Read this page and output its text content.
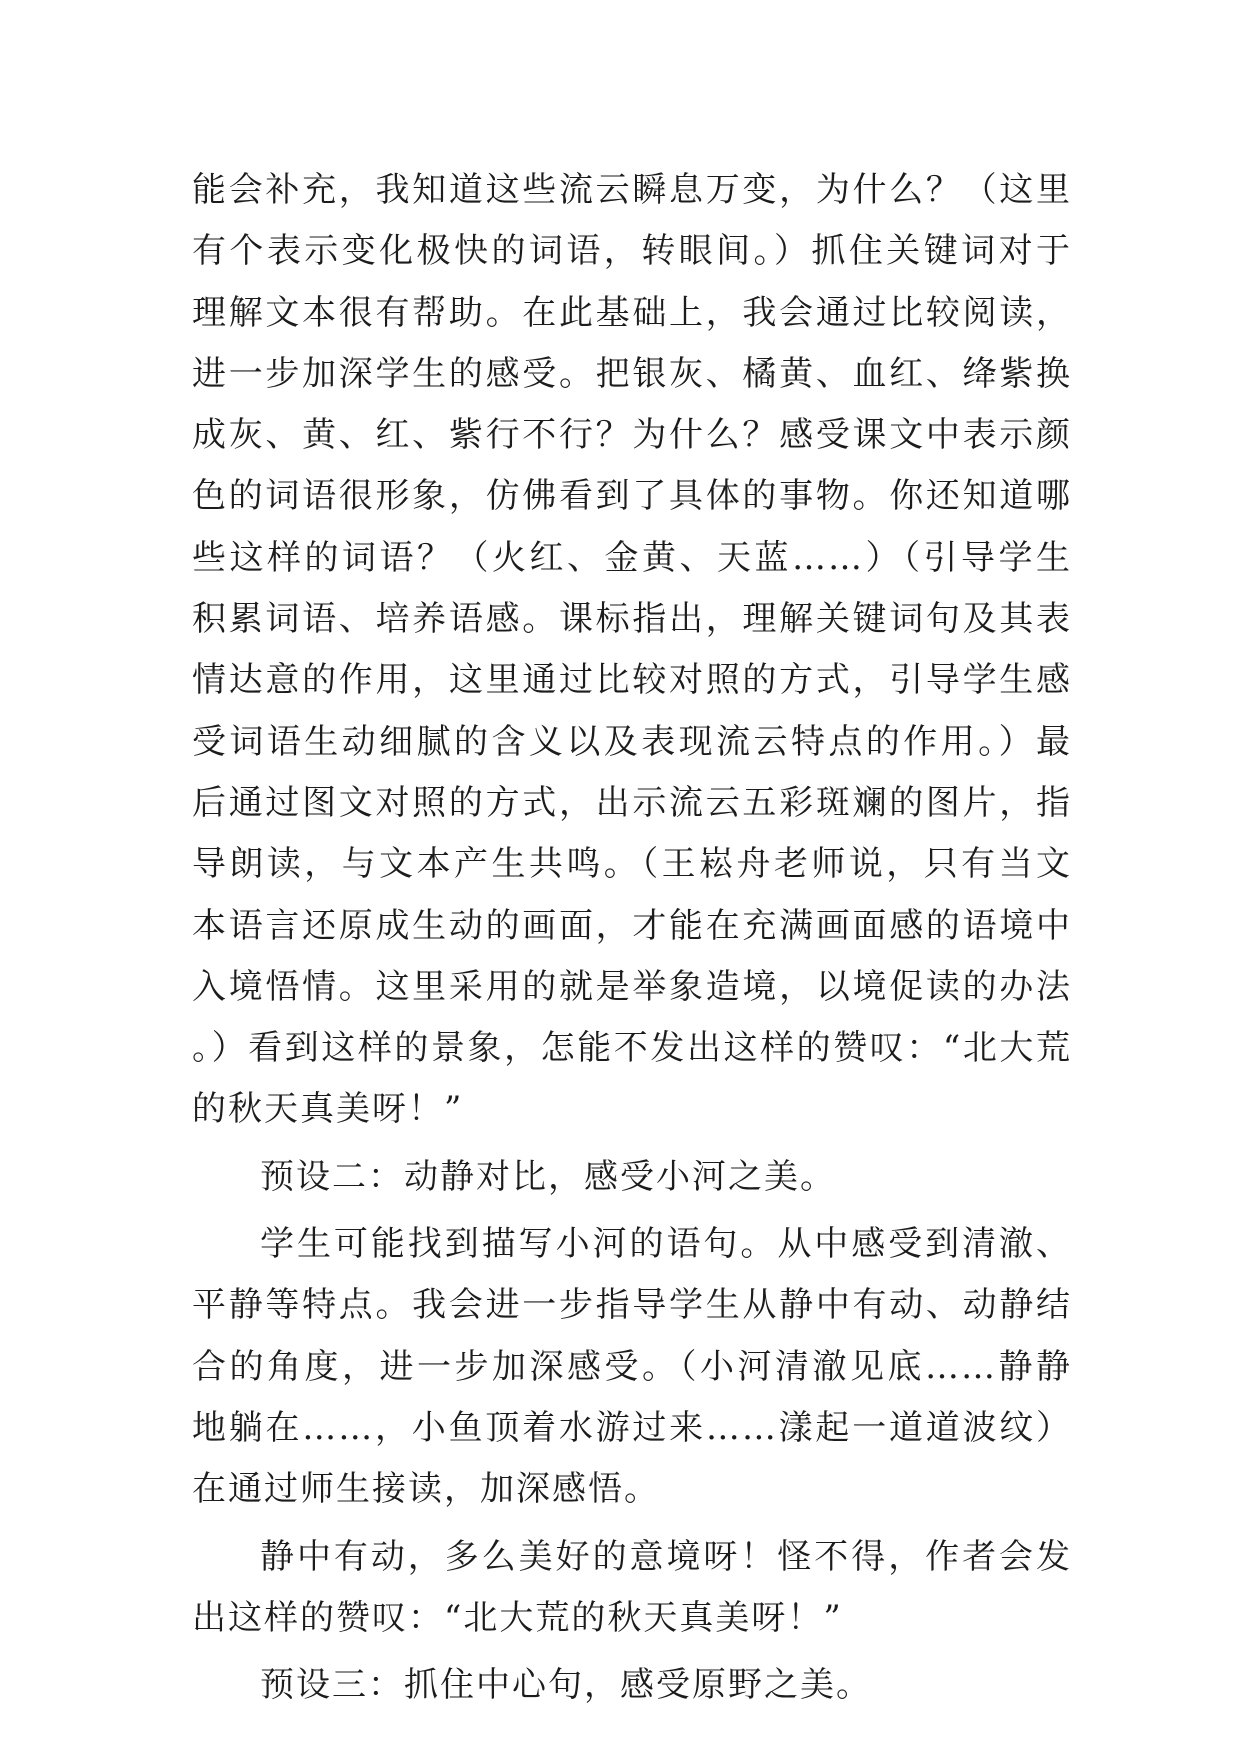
能会补充，我知道这些流云瞬息万变，为什么？（这里有个表示变化极快的词语，转眼间。）抓住关键词对于理解文本很有帮助。在此基础上，我会通过比较阅读，进一步加深学生的感受。把银灰、橘黄、血红、绛紫换成灰、黄、红、紫行不行？为什么？感受课文中表示颜色的词语很形象，仿佛看到了具体的事物。你还知道哪些这样的词语？（火红、金黄、天蓝……）（引导学生积累词语、培养语感。课标指出，理解关键词句及其表情达意的作用，这里通过比较对照的方式，引导学生感受词语生动细腻的含义以及表现流云特点的作用。）最后通过图文对照的方式，出示流云五彩斑斓的图片，指导朗读，与文本产生共鸣。（王崧舟老师说，只有当文本语言还原成生动的画面，才能在充满画面感的语境中入境悟情。这里采用的就是举象造境，以境促读的办法。）看到这样的景象，怎能不发出这样的赞叹：“北大荒的秋天真美呀！”

预设二：动静对比，感受小河之美。

学生可能找到描写小河的语句。从中感受到清澈、平静等特点。我会进一步指导学生从静中有动、动静结合的角度，进一步加深感受。（小河清澈见底……静静地躺在……，小鱼顶着水游过来……漾起一道道波纹）在通过师生接读，加深感悟。

静中有动，多么美好的意境呀！怪不得，作者会发出这样的赞叹：“北大荒的秋天真美呀！”

预设三：抓住中心句，感受原野之美。
